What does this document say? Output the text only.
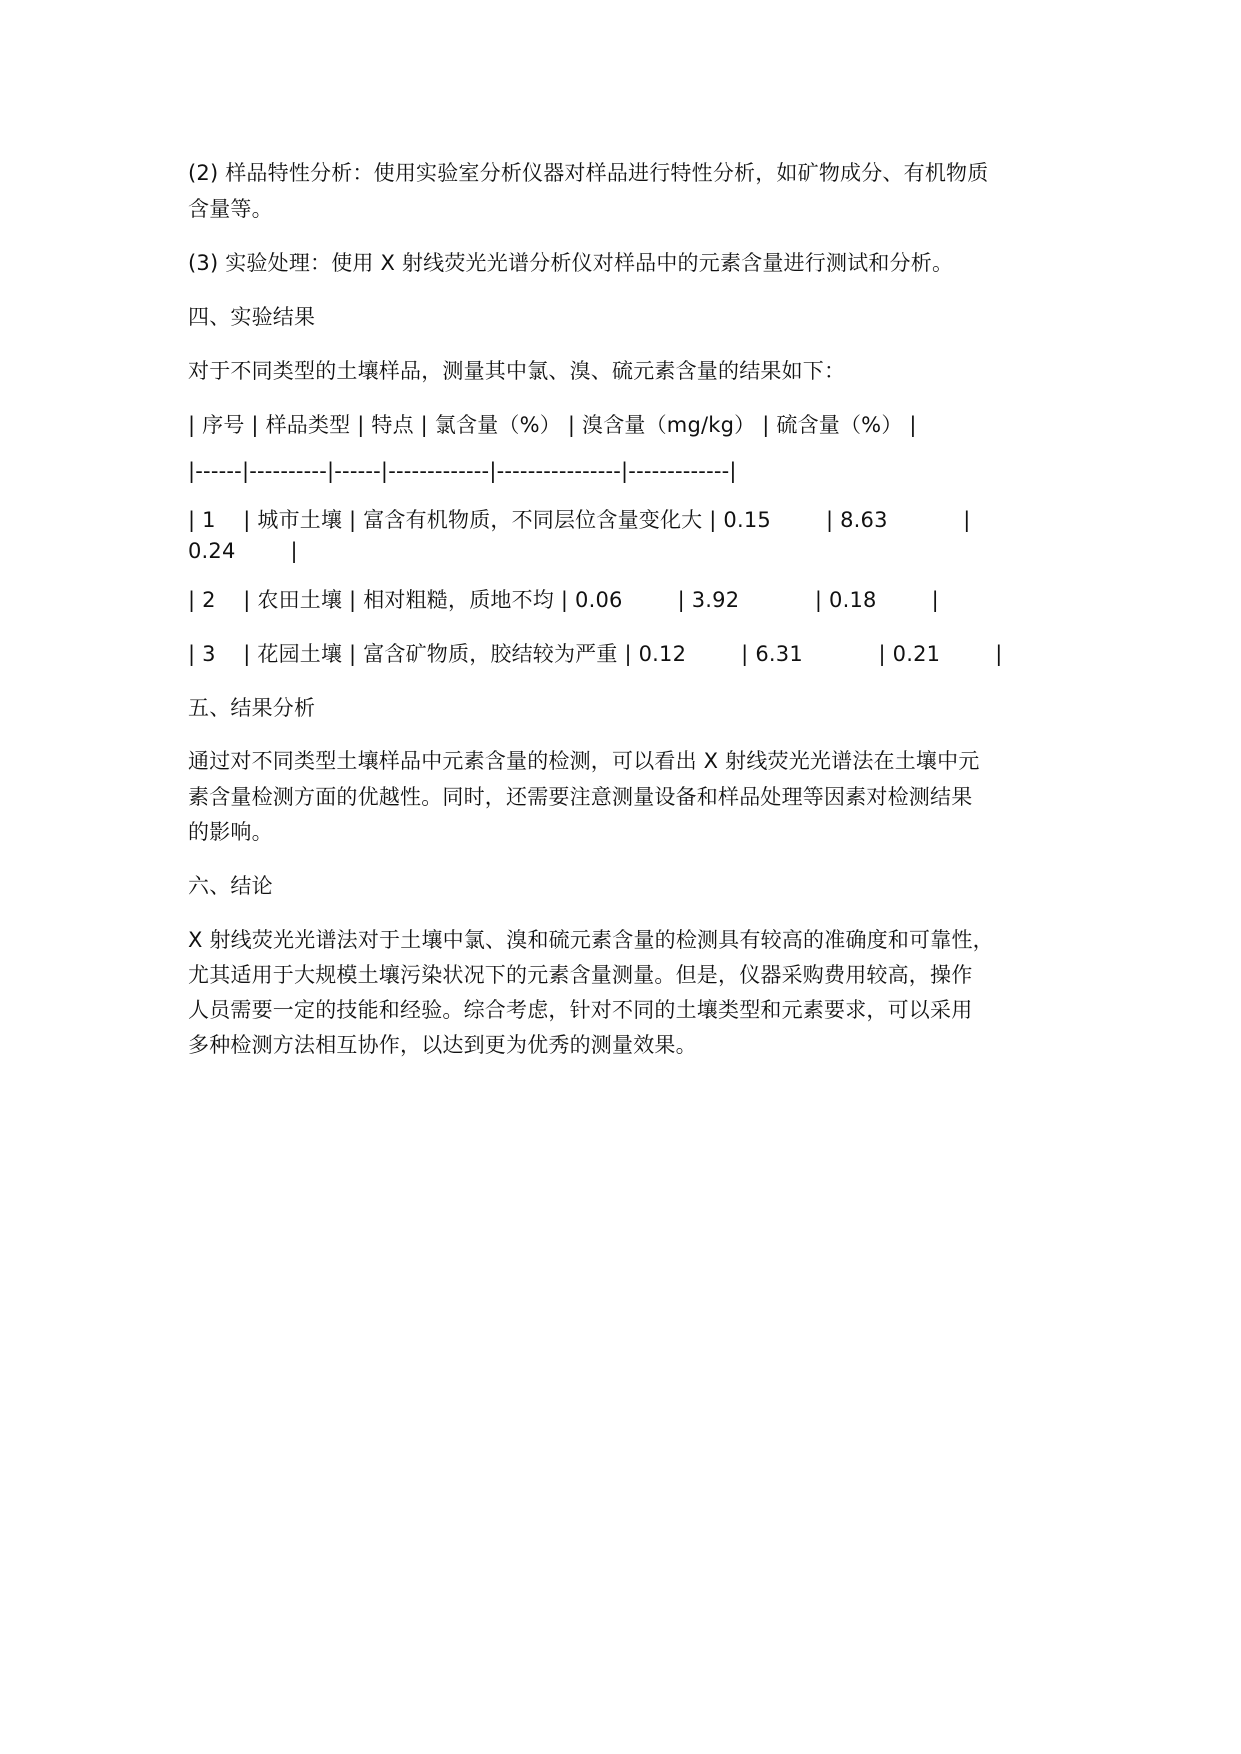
(2) 样品特性分析：使用实验室分析仪器对样品进行特性分析，如矿物成分、有机物质
含量等。
(3) 实验处理：使用 X 射线荧光光谱分析仪对样品中的元素含量进行测试和分析。
四、实验结果
对于不同类型的土壤样品，测量其中氯、溴、硫元素含量的结果如下：
| 序号 | 样品类型 | 特点 | 氯含量（%） | 溴含量（mg/kg） | 硫含量（%） |
|------|----------|------|-------------|----------------|-------------|
| 1    | 城市土壤 | 富含有机物质，不同层位含量变化大 | 0.15        | 8.63           |
0.24        |
| 2    | 农田土壤 | 相对粗糙，质地不均 | 0.06        | 3.92           | 0.18        |
| 3    | 花园土壤 | 富含矿物质，胶结较为严重 | 0.12        | 6.31           | 0.21        |
五、结果分析
通过对不同类型土壤样品中元素含量的检测，可以看出 X 射线荧光光谱法在土壤中元
素含量检测方面的优越性。同时，还需要注意测量设备和样品处理等因素对检测结果
的影响。
六、结论
X 射线荧光光谱法对于土壤中氯、溴和硫元素含量的检测具有较高的准确度和可靠性，
尤其适用于大规模土壤污染状况下的元素含量测量。但是，仪器采购费用较高，操作
人员需要一定的技能和经验。综合考虑，针对不同的土壤类型和元素要求，可以采用
多种检测方法相互协作，以达到更为优秀的测量效果。
